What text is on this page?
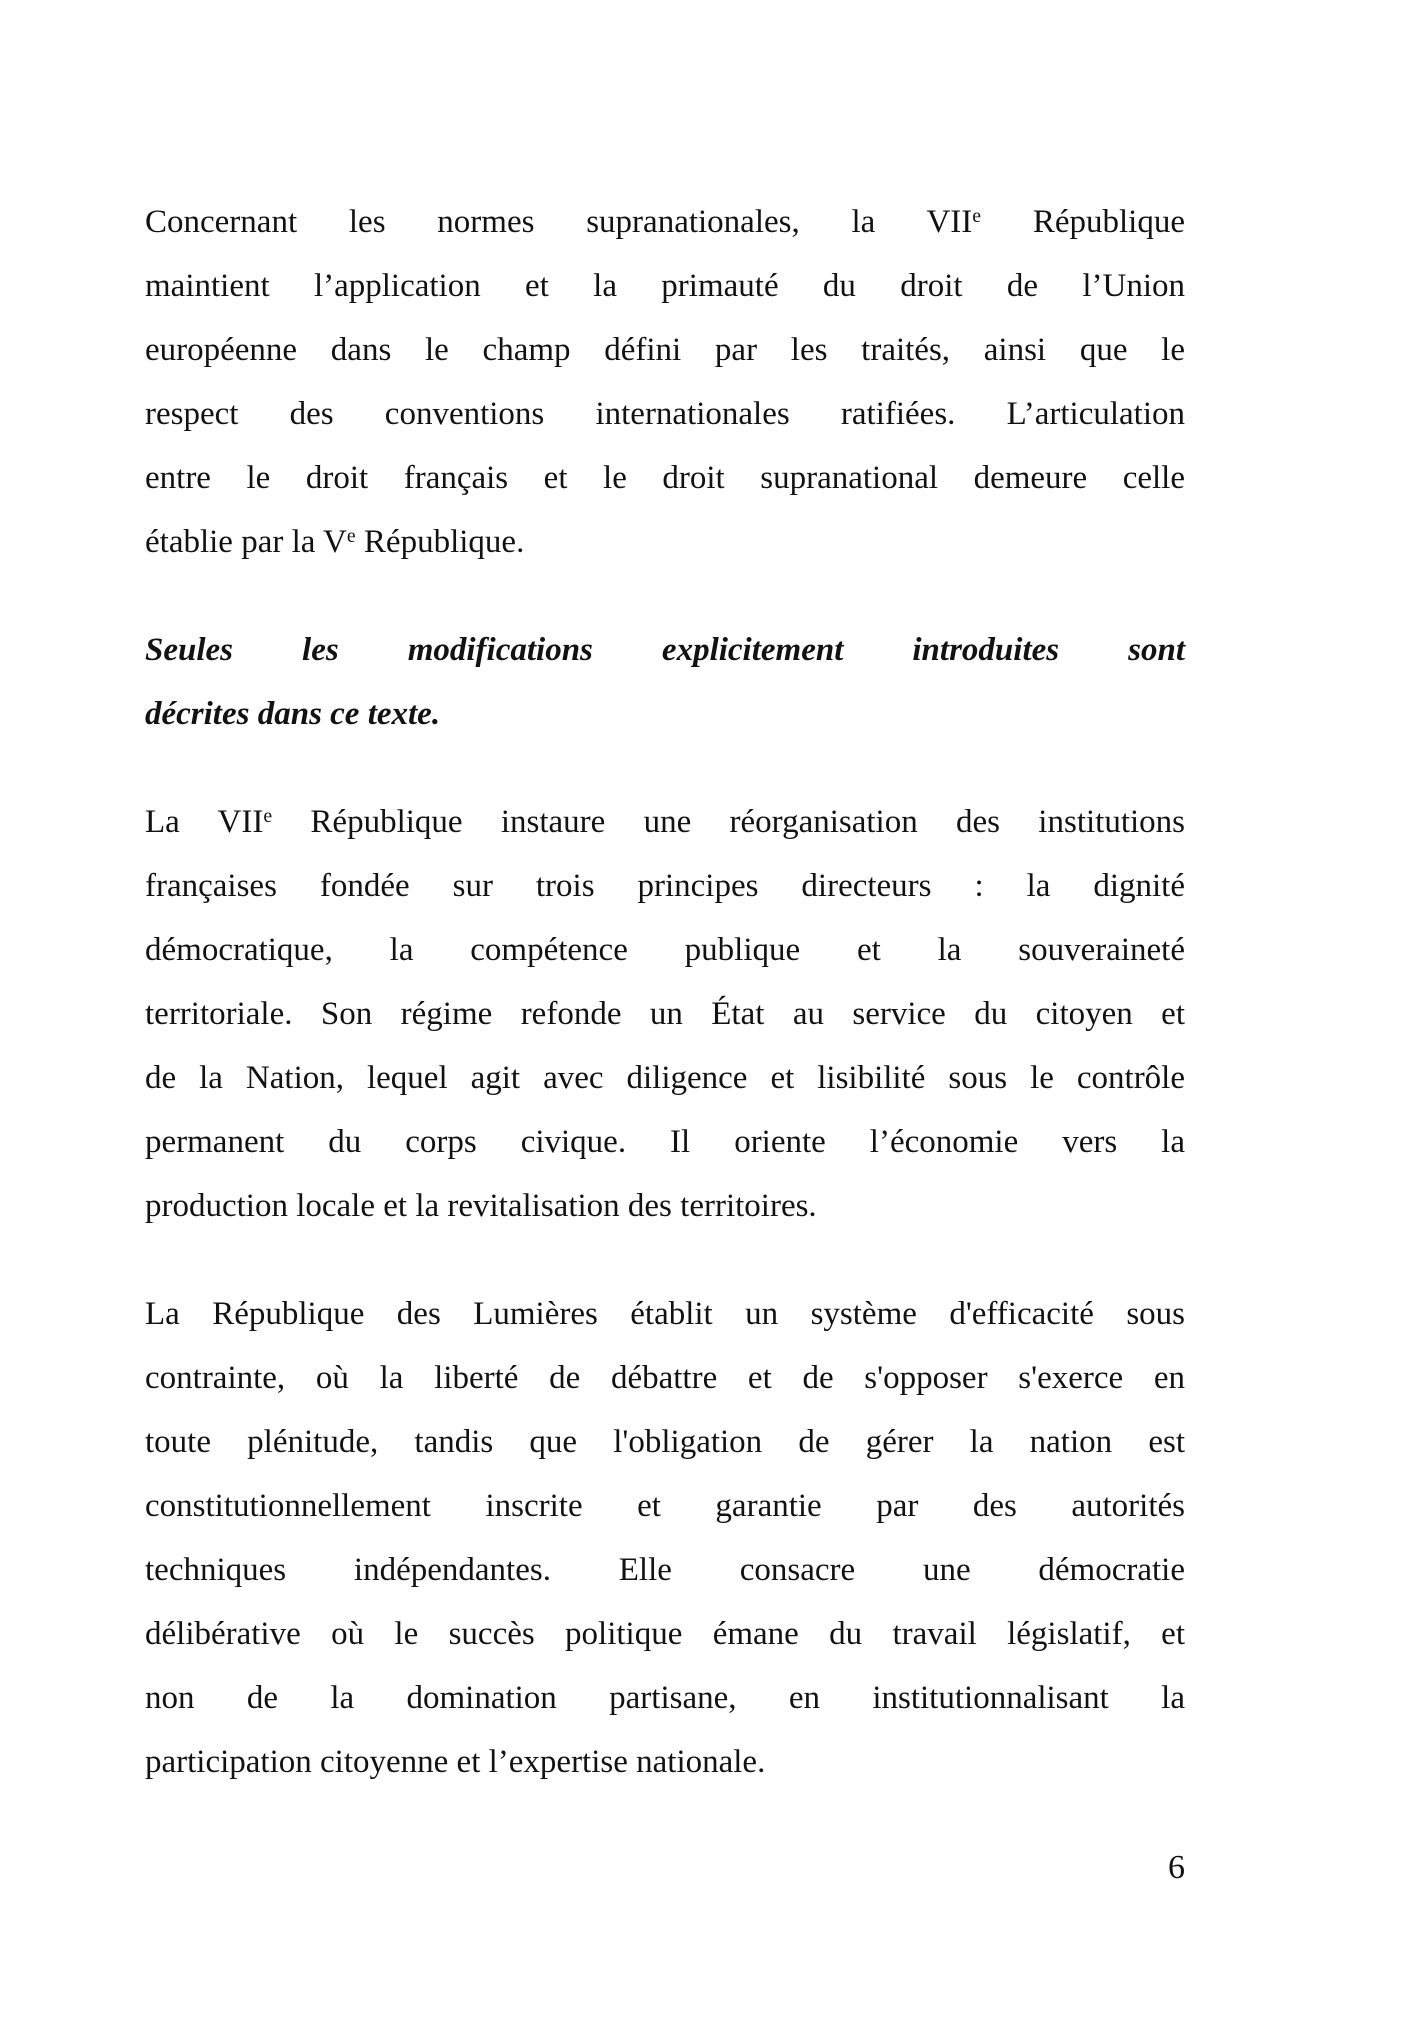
Concernant les normes supranationales, la VIIe République
maintient l’application et la primauté du droit de l’Union
européenne dans le champ défini par les traités, ainsi que le
respect des conventions internationales ratifiées. L’articulation
entre le droit français et le droit supranational demeure celle
établie par la Ve République.
Seules les modifications explicitement introduites sont
décrites dans ce texte.
La VIIe République instaure une réorganisation des institutions
françaises fondée sur trois principes directeurs : la dignité
démocratique, la compétence publique et la souveraineté
territoriale. Son régime refonde un État au service du citoyen et
de la Nation, lequel agit avec diligence et lisibilité sous le contrôle
permanent du corps civique. Il oriente l’économie vers la
production locale et la revitalisation des territoires.
La République des Lumières établit un système d'efficacité sous
contrainte, où la liberté de débattre et de s'opposer s'exerce en
toute plénitude, tandis que l'obligation de gérer la nation est
constitutionnellement inscrite et garantie par des autorités
techniques indépendantes. Elle consacre une démocratie
délibérative où le succès politique émane du travail législatif, et
non de la domination partisane, en institutionnalisant la
participation citoyenne et l’expertise nationale.
6
